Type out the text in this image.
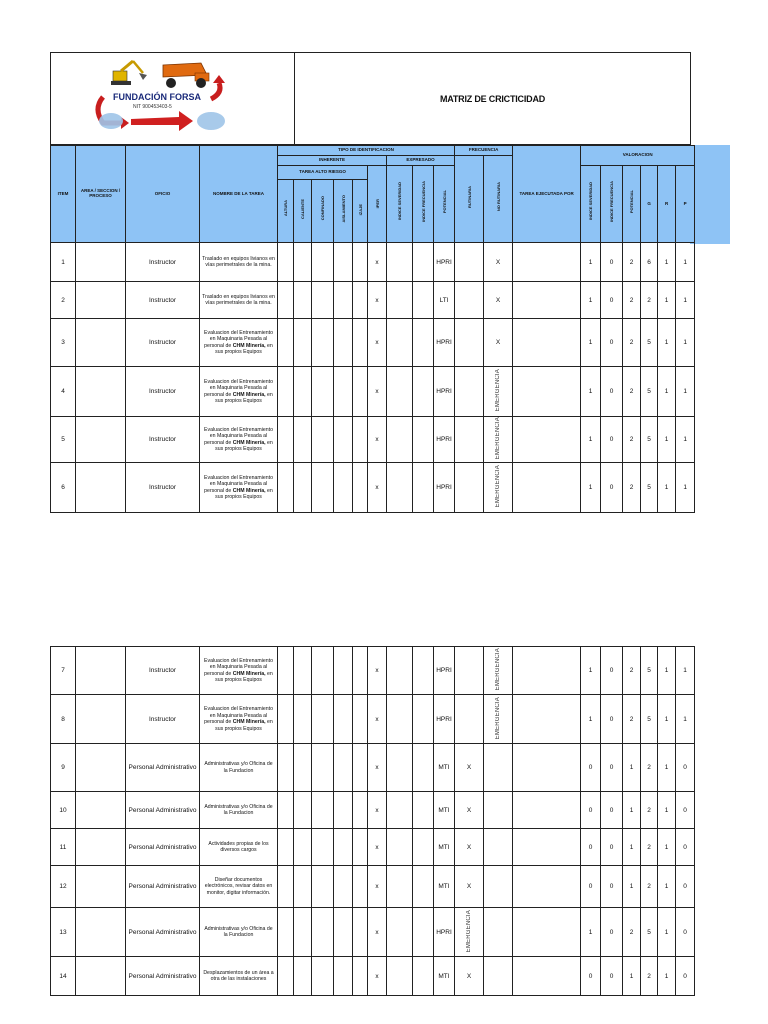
FUNDACIÓN FORSA
NIT 900453403-5
	MATRIZ DE CRICTICIDAD
ITEM	AREA / SECCION / PROCESO	OFICIO	NOMBRE DE LA TAREA	TIPO DE IDENTIFICACION									FRECUENCIA		TAREA EJECUTADA POR	VALORACION					
				INHERENTE						EXPRESADO			RUTINARIA	NO RUTINARIA							
				TAREA ALTO RIESGO					IPER	INDICE SEVERIDAD	INDICE FRECUENCIA	POTENCIAL				INDICE SEVERIDAD	INDICE FRECUENCIA	POTENCIAL	G	R	P
				ALTURA	CALIENTE	CONFINADO	AISLAMIENTO	IZAJE													
1		Instructor	Traslado en equipos livianos en vías perimetrales de la mina.						x			HPRI		X		1	0	2	6	1	1
2		Instructor	Traslado en equipos livianos en vías perimetrales de la mina.						x			LTI		X		1	0	2	2	1	1
3		Instructor	Evaluacion del Entrenamiento en Maquinaria Pesada al personal de CHM Minería, en sus propios Equipos						x			HPRI		X		1	0	2	5	1	1
4		Instructor	Evaluacion del Entrenamiento en Maquinaria Pesada al personal de CHM Minería, en sus propios Equipos						x			HPRI		EMERGENCIA		1	0	2	5	1	1
5		Instructor	Evaluacion del Entrenamiento en Maquinaria Pesada al personal de CHM Minería, en sus propios Equipos						x			HPRI		EMERGENCIA		1	0	2	5	1	1
6		Instructor	Evaluacion del Entrenamiento en Maquinaria Pesada al personal de CHM Minería, en sus propios Equipos						x			HPRI		EMERGENCIA		1	0	2	5	1	1
7		Instructor	Evaluacion del Entrenamiento en Maquinaria Pesada al personal de CHM Minería, en sus propios Equipos						x			HPRI		EMERGENCIA		1	0	2	5	1	1
8		Instructor	Evaluacion del Entrenamiento en Maquinaria Pesada al personal de CHM Minería, en sus propios Equipos						x			HPRI		EMERGENCIA		1	0	2	5	1	1
9		Personal Administrativo	Administrativas y/o Oficina de la Fundacion						x			MTI	X			0	0	1	2	1	0
10		Personal Administrativo	Administrativas y/o Oficina de la Fundacion						x			MTI	X			0	0	1	2	1	0
11		Personal Administrativo	Actividades propias de los diversos cargos						x			MTI	X			0	0	1	2	1	0
12		Personal Administrativo	Diseñar documentos electrónicos, revisar datos en monitor, digitar información.						x			MTI	X			0	0	1	2	1	0
13		Personal Administrativo	Administrativas y/o Oficina de la Fundacion						x			HPRI	EMERGENCIA			1	0	2	5	1	0
14		Personal Administrativo	Desplazamientos de un área a otra de las instalaciones						x			MTI	X			0	0	1	2	1	0
